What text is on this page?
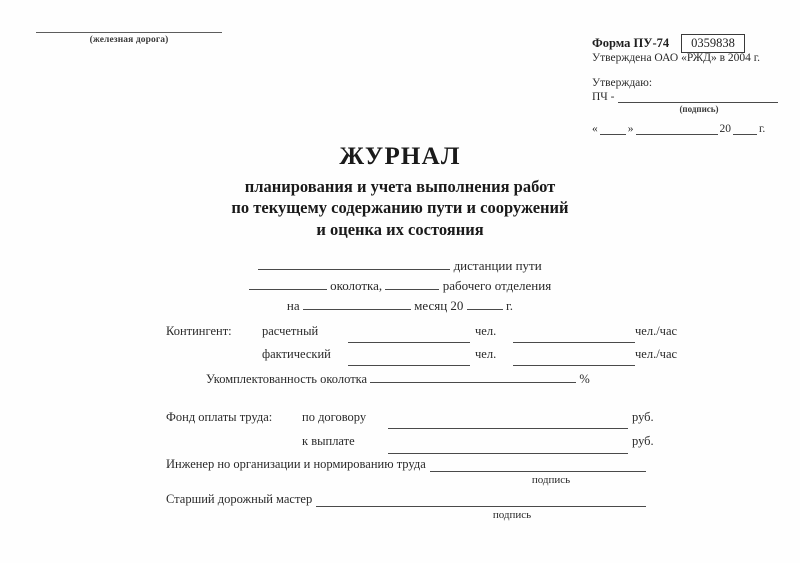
(железная дорога)	Форма ПУ-74	0359838
Утверждена ОАО «РЖД» в 2004 г.
Утверждаю:
ПЧ -
(подпись)
«	»	20 г.
ЖУРНАЛ
планирования и учета выполнения работ
по текущему содержанию пути и сооружений
и оценка их состояния
дистанции пути
околотка,	рабочего отделения
на	месяц 20	г.
Контингент:	расчетный	чел.	чел./час
фактический	чел.	чел./час
Укомплектованность околотка	%
Фонд оплаты труда:	по договору	руб.
к выплате	руб.
Инженер но организации и нормированию труда
подпись
Старший дорожный мастер
подпись
